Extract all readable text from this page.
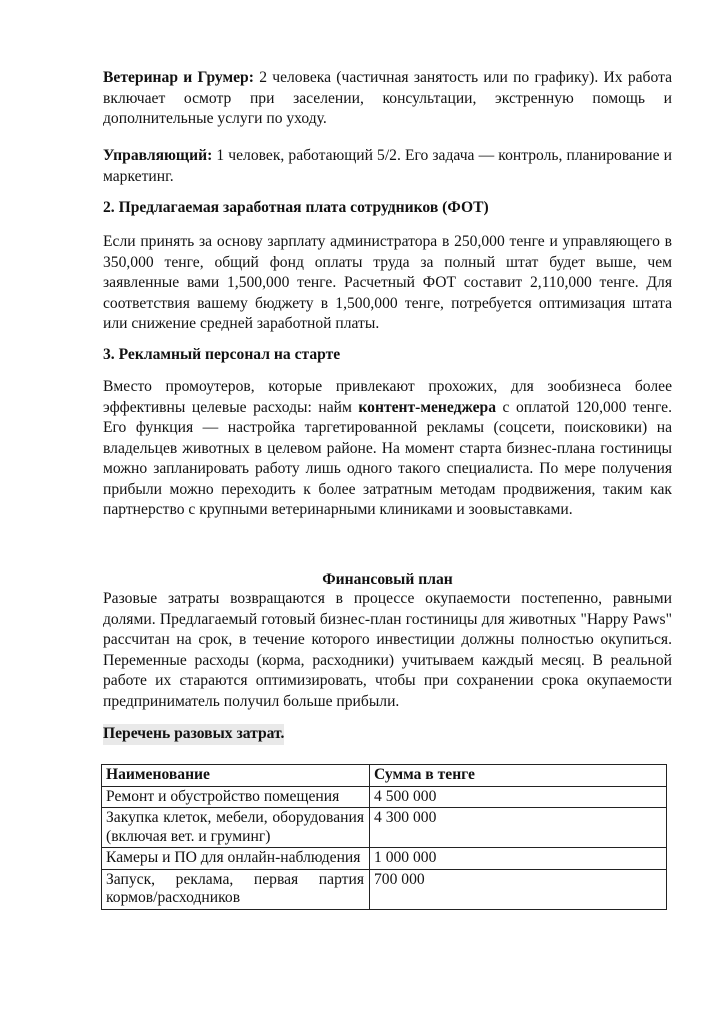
Ветеринар и Грумер: 2 человека (частичная занятость или по графику). Их работа включает осмотр при заселении, консультации, экстренную помощь и дополнительные услуги по уходу.

Управляющий: 1 человек, работающий 5/2. Его задача — контроль, планирование и маркетинг.

2. Предлагаемая заработная плата сотрудников (ФОТ)

Если принять за основу зарплату администратора в 250,000 тенге и управляющего в 350,000 тенге, общий фонд оплаты труда за полный штат будет выше, чем заявленные вами 1,500,000 тенге. Расчетный ФОТ составит 2,110,000 тенге. Для соответствия вашему бюджету в 1,500,000 тенге, потребуется оптимизация штата или снижение средней заработной платы.

3. Рекламный персонал на старте

Вместо промоутеров, которые привлекают прохожих, для зообизнеса более эффективны целевые расходы: найм контент-менеджера с оплатой 120,000 тенге. Его функция — настройка таргетированной рекламы (соцсети, поисковики) на владельцев животных в целевом районе. На момент старта бизнес-плана гостиницы можно запланировать работу лишь одного такого специалиста. По мере получения прибыли можно переходить к более затратным методам продвижения, таким как партнерство с крупными ветеринарными клиниками и зоовыставками.

Финансовый план

Разовые затраты возвращаются в процессе окупаемости постепенно, равными долями. Предлагаемый готовый бизнес-план гостиницы для животных "Happy Paws" рассчитан на срок, в течение которого инвестиции должны полностью окупиться. Переменные расходы (корма, расходники) учитываем каждый месяц. В реальной работе их стараются оптимизировать, чтобы при сохранении срока окупаемости предприниматель получил больше прибыли.

Перечень разовых затрат.

Наименование	Сумма в тенге
Ремонт и обустройство помещения	4 500 000
Закупка клеток, мебели, оборудования (включая вет. и груминг)	4 300 000
Камеры и ПО для онлайн-наблюдения	1 000 000
Запуск, реклама, первая партия кормов/расходников	700 000
